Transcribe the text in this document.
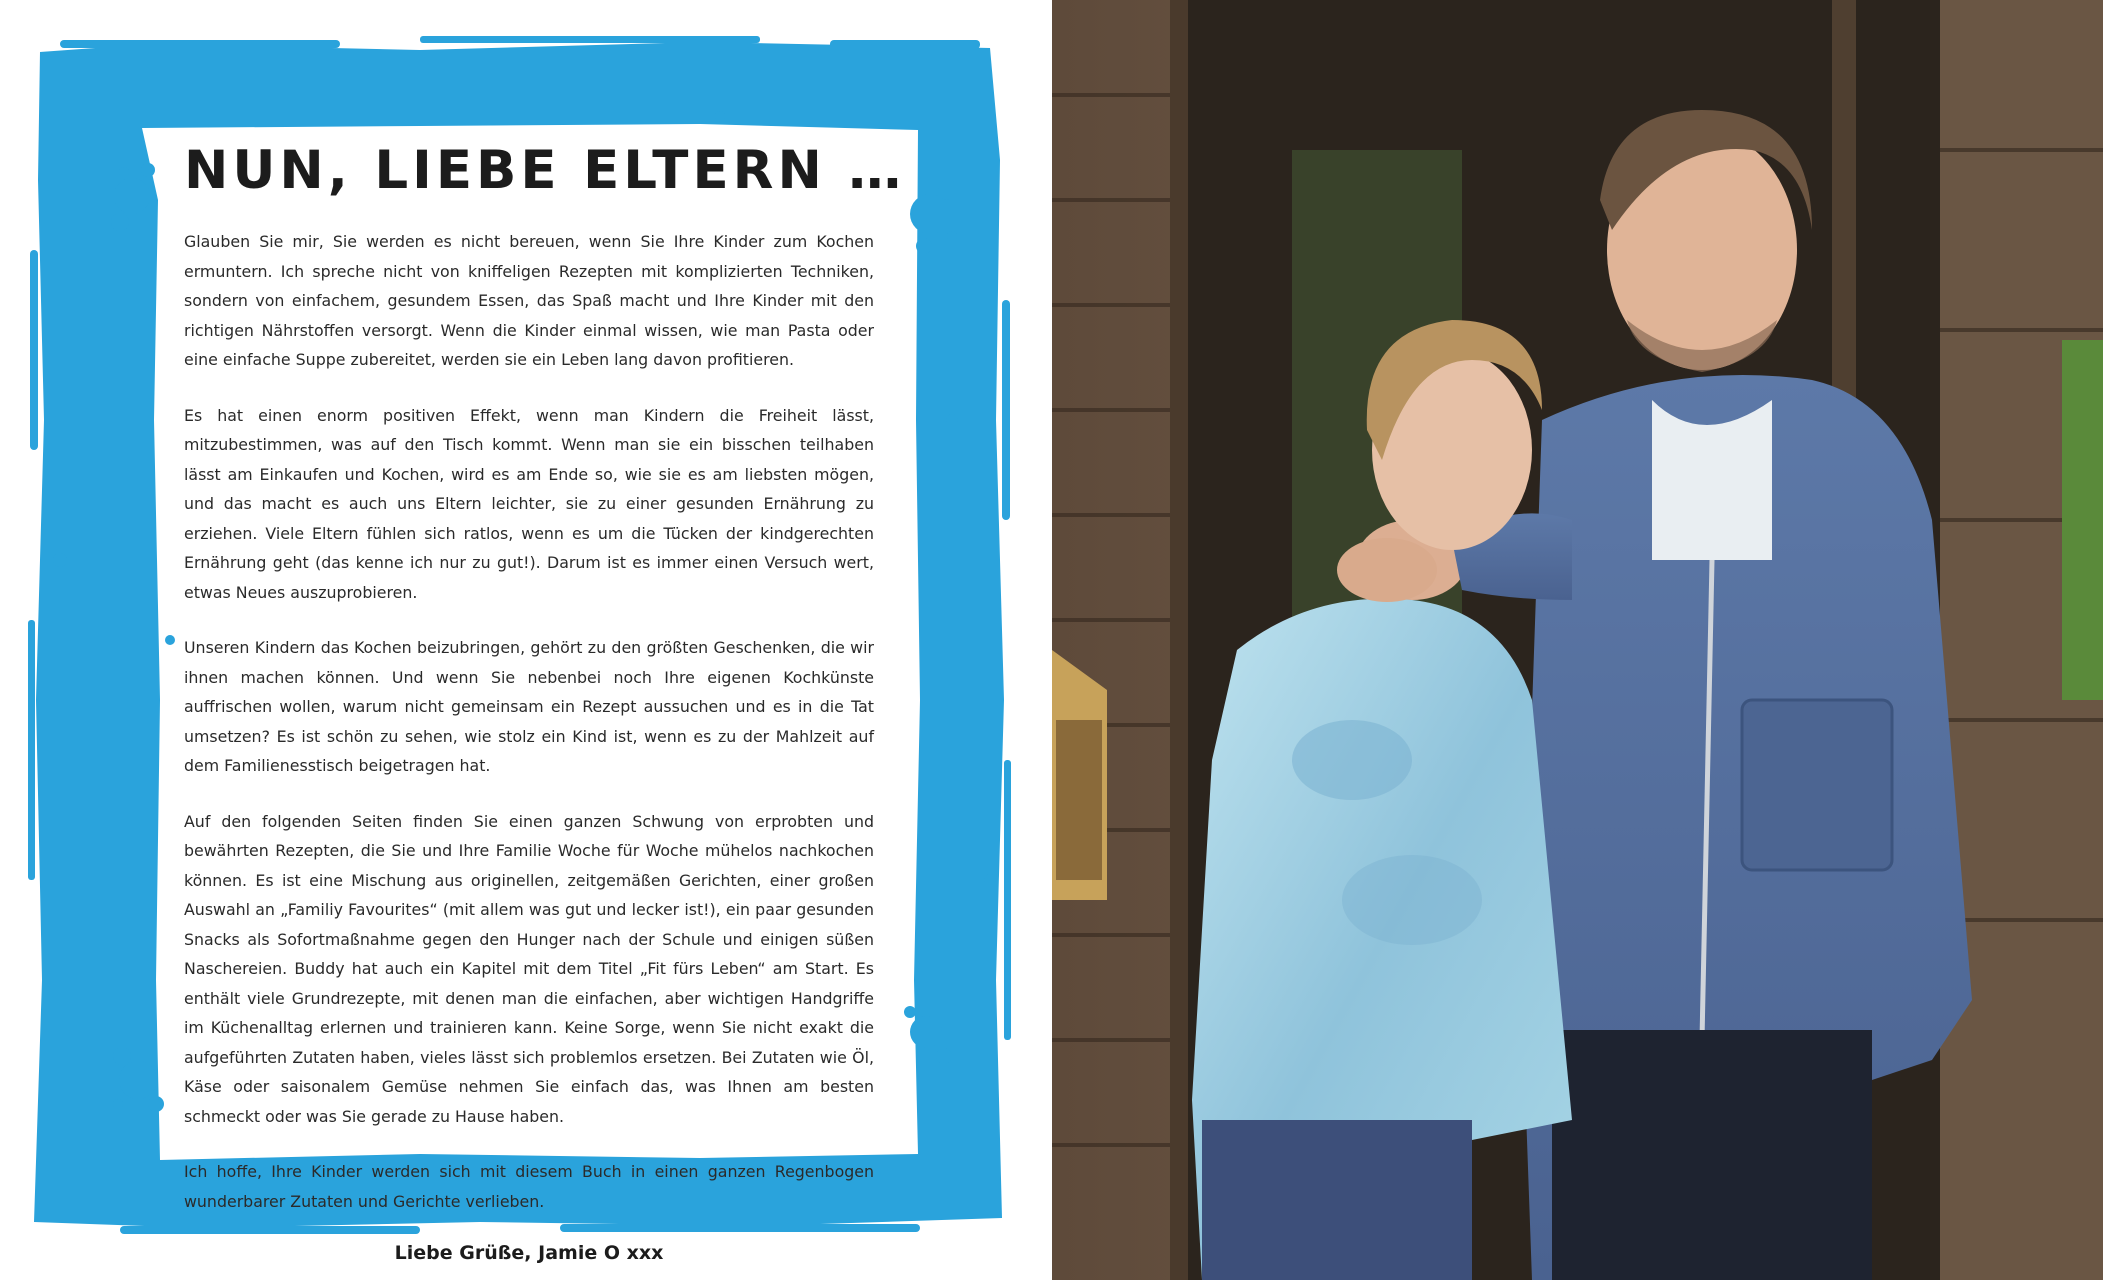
NUN, LIEBE ELTERN …

Glauben Sie mir, Sie werden es nicht bereuen, wenn Sie Ihre Kinder zum Kochen ermuntern. Ich spreche nicht von kniffeligen Rezepten mit komplizierten Techniken, sondern von einfachem, gesundem Essen, das Spaß macht und Ihre Kinder mit den richtigen Nährstoffen versorgt. Wenn die Kinder einmal wissen, wie man Pasta oder eine einfache Suppe zubereitet, werden sie ein Leben lang davon profitieren.

Es hat einen enorm positiven Effekt, wenn man Kindern die Freiheit lässt, mitzubestimmen, was auf den Tisch kommt. Wenn man sie ein bisschen teilhaben lässt am Einkaufen und Kochen, wird es am Ende so, wie sie es am liebsten mögen, und das macht es auch uns Eltern leichter, sie zu einer gesunden Ernährung zu erziehen. Viele Eltern fühlen sich ratlos, wenn es um die Tücken der kindgerechten Ernährung geht (das kenne ich nur zu gut!). Darum ist es immer einen Versuch wert, etwas Neues auszuprobieren.

Unseren Kindern das Kochen beizubringen, gehört zu den größten Geschenken, die wir ihnen machen können. Und wenn Sie nebenbei noch Ihre eigenen Kochkünste auffrischen wollen, warum nicht gemeinsam ein Rezept aussuchen und es in die Tat umsetzen? Es ist schön zu sehen, wie stolz ein Kind ist, wenn es zu der Mahlzeit auf dem Familienesstisch beigetragen hat.

Auf den folgenden Seiten finden Sie einen ganzen Schwung von erprobten und bewährten Rezepten, die Sie und Ihre Familie Woche für Woche mühelos nachkochen können. Es ist eine Mischung aus originellen, zeitgemäßen Gerichten, einer großen Auswahl an „Familiy Favourites“ (mit allem was gut und lecker ist!), ein paar gesunden Snacks als Sofortmaßnahme gegen den Hunger nach der Schule und einigen süßen Naschereien. Buddy hat auch ein Kapitel mit dem Titel „Fit fürs Leben“ am Start. Es enthält viele Grundrezepte, mit denen man die einfachen, aber wichtigen Handgriffe im Küchenalltag erlernen und trainieren kann. Keine Sorge, wenn Sie nicht exakt die aufgeführten Zutaten haben, vieles lässt sich problemlos ersetzen. Bei Zutaten wie Öl, Käse oder saisonalem Gemüse nehmen Sie einfach das, was Ihnen am besten schmeckt oder was Sie gerade zu Hause haben.

Ich hoffe, Ihre Kinder werden sich mit diesem Buch in einen ganzen Regenbogen wunderbarer Zutaten und Gerichte verlieben.

Liebe Grüße, Jamie O xxx
